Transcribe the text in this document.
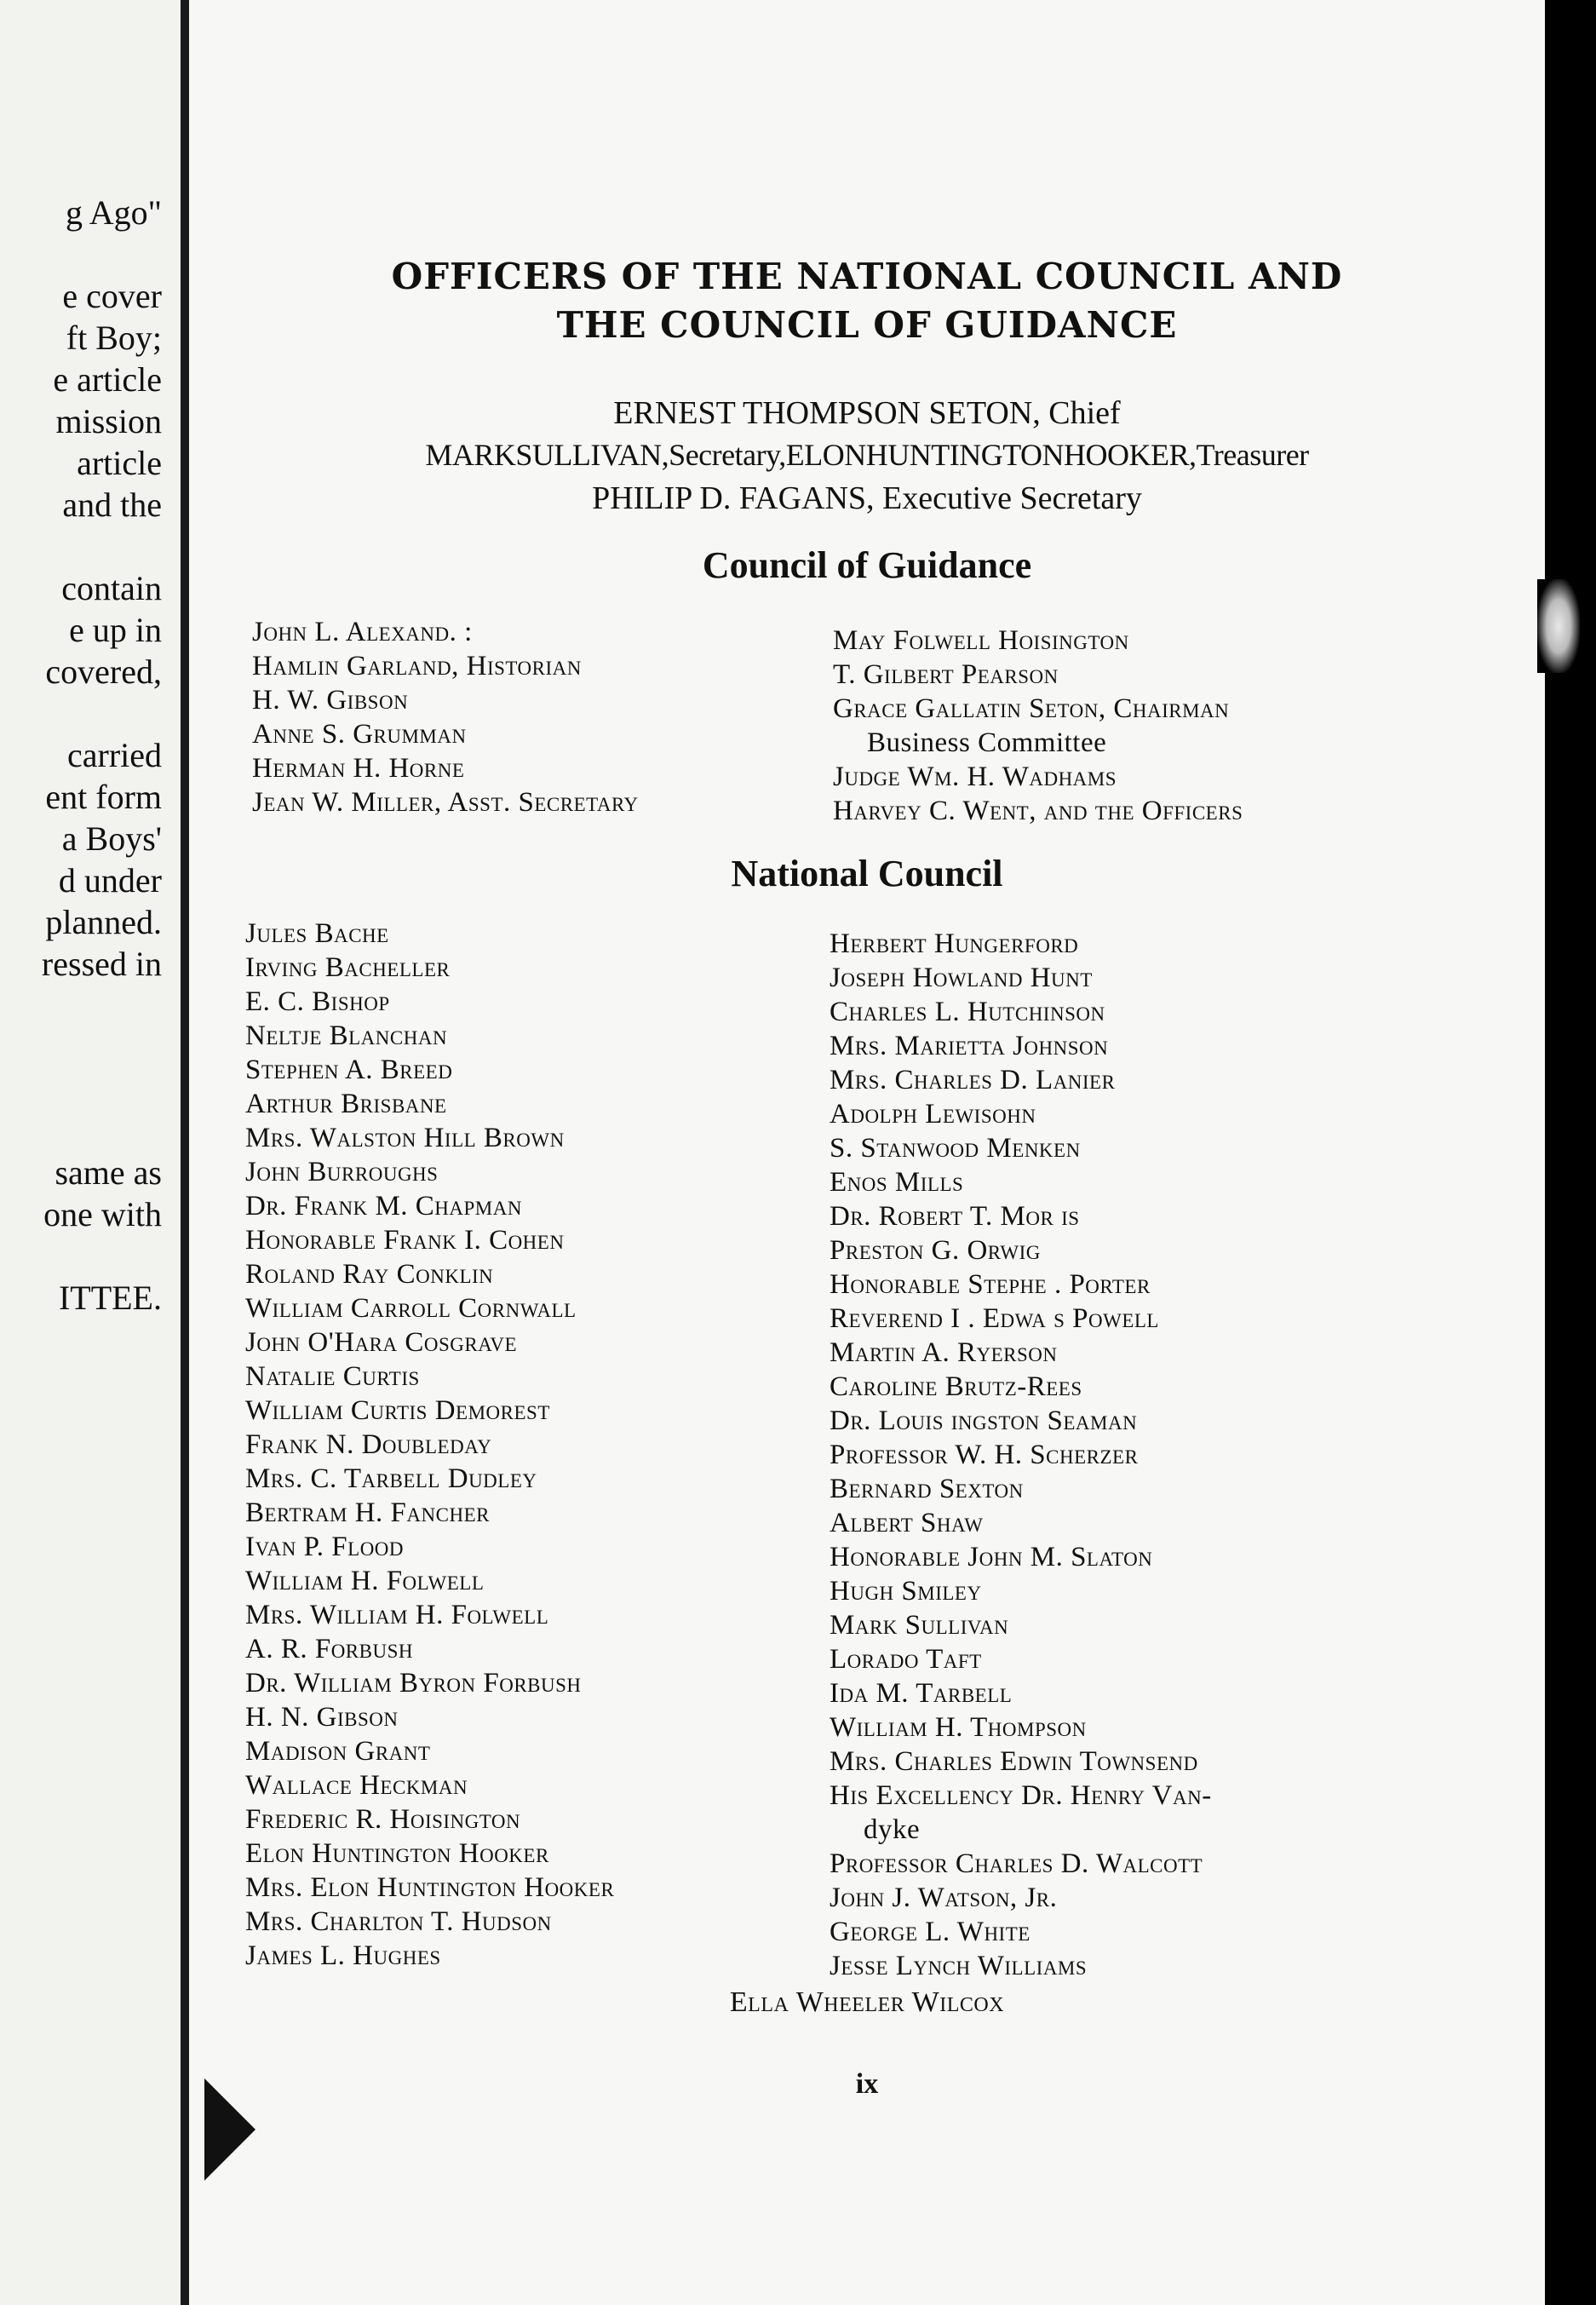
g Ago"
e cover
ft Boy;
e article
mission
article
and the
contain
e up in
covered,
carried
ent form
a Boys'
d under
planned.
ressed in
same as
one with
ITTEE.
OFFICERS OF THE NATIONAL COUNCIL AND
THE COUNCIL OF GUIDANCE
ERNEST THOMPSON SETON, Chief
MARKSULLIVAN,Secretary,ELONHUNTINGTONHOOKER,Treasurer
PHILIP D. FAGANS, Executive Secretary
Council of Guidance
John L. Alexand. :
Hamlin Garland, Historian
H. W. Gibson
Anne S. Grumman
Herman H. Horne
Jean W. Miller, Asst. Secretary
May Folwell Hoisington
T. Gilbert Pearson
Grace Gallatin Seton, Chairman
Business Committee
Judge Wm. H. Wadhams
Harvey C. Went, and the Officers
National Council
Jules Bache
Irving Bacheller
E. C. Bishop
Neltje Blanchan
Stephen A. Breed
Arthur Brisbane
Mrs. Walston Hill Brown
John Burroughs
Dr. Frank M. Chapman
Honorable Frank I. Cohen
Roland Ray Conklin
William Carroll Cornwall
John O'Hara Cosgrave
Natalie Curtis
William Curtis Demorest
Frank N. Doubleday
Mrs. C. Tarbell Dudley
Bertram H. Fancher
Ivan P. Flood
William H. Folwell
Mrs. William H. Folwell
A. R. Forbush
Dr. William Byron Forbush
H. N. Gibson
Madison Grant
Wallace Heckman
Frederic R. Hoisington
Elon Huntington Hooker
Mrs. Elon Huntington Hooker
Mrs. Charlton T. Hudson
James L. Hughes
Herbert Hungerford
Joseph Howland Hunt
Charles L. Hutchinson
Mrs. Marietta Johnson
Mrs. Charles D. Lanier
Adolph Lewisohn
S. Stanwood Menken
Enos Mills
Dr. Robert T. Mor is
Preston G. Orwig
Honorable Stephe . Porter
Reverend I . Edwa s Powell
Martin A. Ryerson
Caroline Brutz-Rees
Dr. Louis ingston Seaman
Professor W. H. Scherzer
Bernard Sexton
Albert Shaw
Honorable John M. Slaton
Hugh Smiley
Mark Sullivan
Lorado Taft
Ida M. Tarbell
William H. Thompson
Mrs. Charles Edwin Townsend
His Excellency Dr. Henry Van-
dyke
Professor Charles D. Walcott
John J. Watson, Jr.
George L. White
Jesse Lynch Williams
Ella Wheeler Wilcox
ix
